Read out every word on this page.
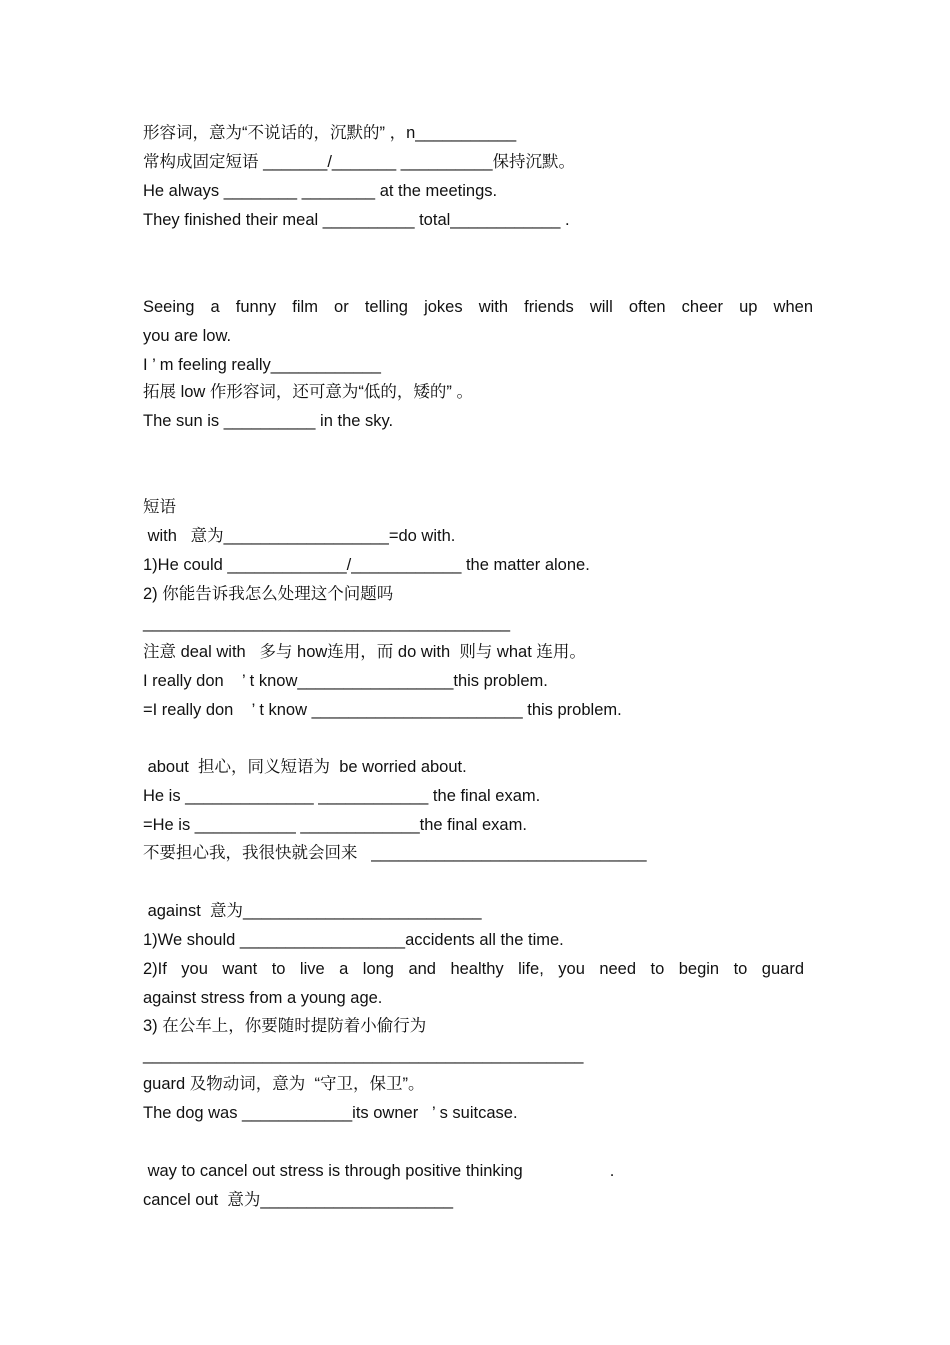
形容词，意为“不说话的，沉默的” ，n___________
常构成固定短语 _______/_______ __________保持沉默。
He always ________ ________ at the meetings.
They finished their meal __________ total____________ .
Seeing a funny film or telling jokes with friends will often cheer up when
you are low.
I ’ m feeling really____________
拓展 low 作形容词，还可意为“低的，矮的” 。
The sun is __________ in the sky.
短语
with   意为__________________=do with.
1)He could _____________/____________ the matter alone.
2) 你能告诉我怎么处理这个问题吗
________________________________________
注意 deal with   多与 how连用，而 do with  则与 what 连用。
I really don    ’ t know_________________this problem.
=I really don    ’ t know _______________________ this problem.
about  担心，同义短语为  be worried about.
He is ______________ ____________ the final exam.
=He is ___________ _____________the final exam.
不要担心我，我很快就会回来   ______________________________
against  意为__________________________
1)We should __________________accidents all the time.
2)If you want to live a long and healthy life, you need to begin to guard
against stress from a young age.
3) 在公车上，你要随时提防着小偷行为
________________________________________________
guard 及物动词，意为  “守卫，保卫”。
The dog was ____________its owner   ’ s suitcase.
way to cancel out stress is through positive thinking                   .
cancel out  意为_____________________
